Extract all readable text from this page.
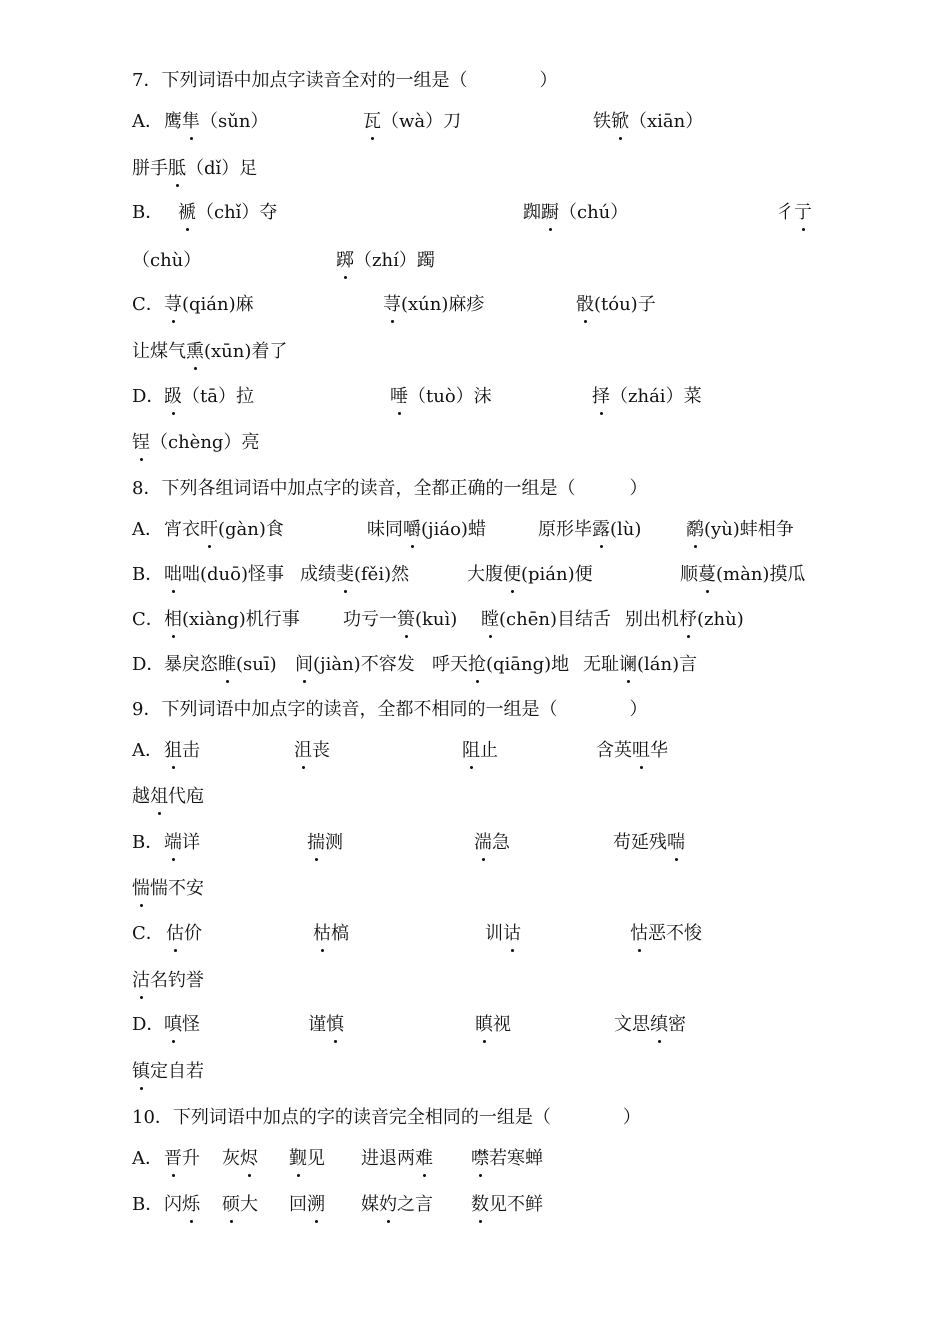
7．下列词语中加点字读音全对的一组是（　　　　）
A． 鹰隼（sǔn）	瓦（wà）刀	铁锨（xiān）
胼手胝（dǐ）足
B． 褫（chǐ）夺	踟蹰（chú）	彳亍
（chù）	踯（zhí）躅
C． 荨(qián)麻	荨(xún)麻疹	骰(tóu)子
让煤气熏(xūn)着了
D． 趿（tā）拉	唾（tuò）沫	择（zhái）菜
锃（chèng）亮
8．下列各组词语中加点字的读音，全都正确的一组是（　　　）
A． 宵衣旰(gàn)食	味同嚼(jiáo)蜡	原形毕露(lù) 鹬(yù)蚌相争
B． 咄咄(duō)怪事 成绩斐(fěi)然	大腹便(pián)便	顺蔓(màn)摸瓜
C． 相(xiàng)机行事 功亏一篑(kuì) 瞠(chēn)目结舌 别出机杼(zhù)
D． 暴戾恣睢(suī) 间(jiàn)不容发 呼天抢(qiāng)地 无耻谰(lán)言
9．下列词语中加点字的读音，全都不相同的一组是（　　　　）
A． 狙击	沮丧	阻止	含英咀华
越俎代庖
B． 端详	揣测	湍急	苟延残喘
惴惴不安
C． 估价	枯槁	训诂	怙恶不悛
沽名钓誉
D． 嗔怪	谨慎	瞋视	文思缜密
镇定自若
10．下列词语中加点的字的读音完全相同的一组是（　　　　）
A． 晋升 灰烬 觐见 进退两难 噤若寒蝉
B． 闪烁 硕大 回溯 媒妁之言 数见不鲜
